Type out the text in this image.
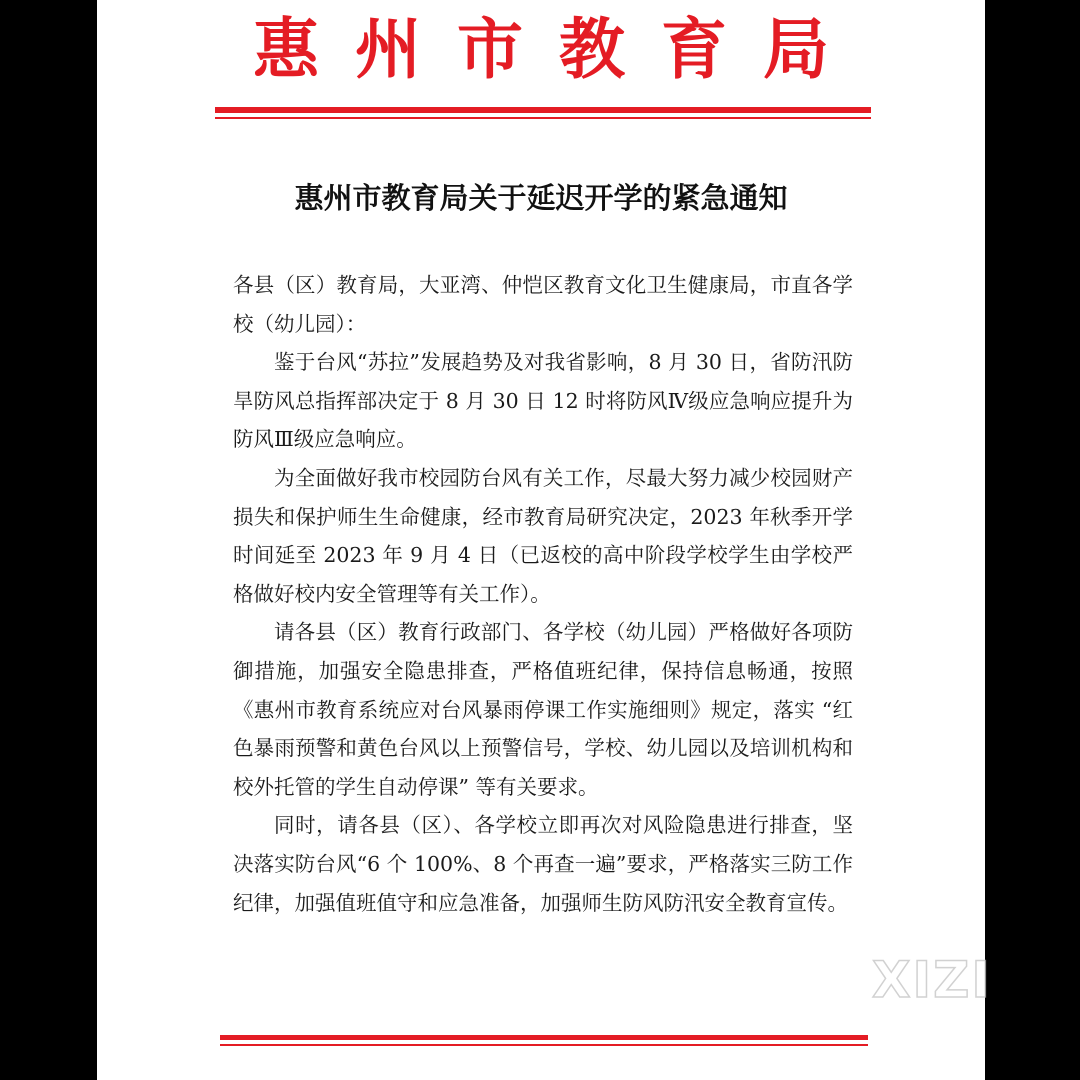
惠 州 市 教 育 局
惠州市教育局关于延迟开学的紧急通知

各县（区）教育局，大亚湾、仲恺区教育文化卫生健康局，市直各学校（幼儿园）：

鉴于台风“苏拉”发展趋势及对我省影响，8 月 30 日，省防汛防旱防风总指挥部决定于 8 月 30 日 12 时将防风Ⅳ级应急响应提升为防风Ⅲ级应急响应。

为全面做好我市校园防台风有关工作，尽最大努力减少校园财产损失和保护师生生命健康，经市教育局研究决定，2023 年秋季开学时间延至 2023 年 9 月 4 日（已返校的高中阶段学校学生由学校严格做好校内安全管理等有关工作）。

请各县（区）教育行政部门、各学校（幼儿园）严格做好各项防御措施，加强安全隐患排查，严格值班纪律，保持信息畅通，按照《惠州市教育系统应对台风暴雨停课工作实施细则》规定，落实 “红色暴雨预警和黄色台风以上预警信号，学校、幼儿园以及培训机构和校外托管的学生自动停课” 等有关要求。

同时，请各县（区）、各学校立即再次对风险隐患进行排查，坚决落实防台风“6 个 100%、8 个再查一遍”要求，严格落实三防工作纪律，加强值班值守和应急准备，加强师生防风防汛安全教育宣传。

XIZI
